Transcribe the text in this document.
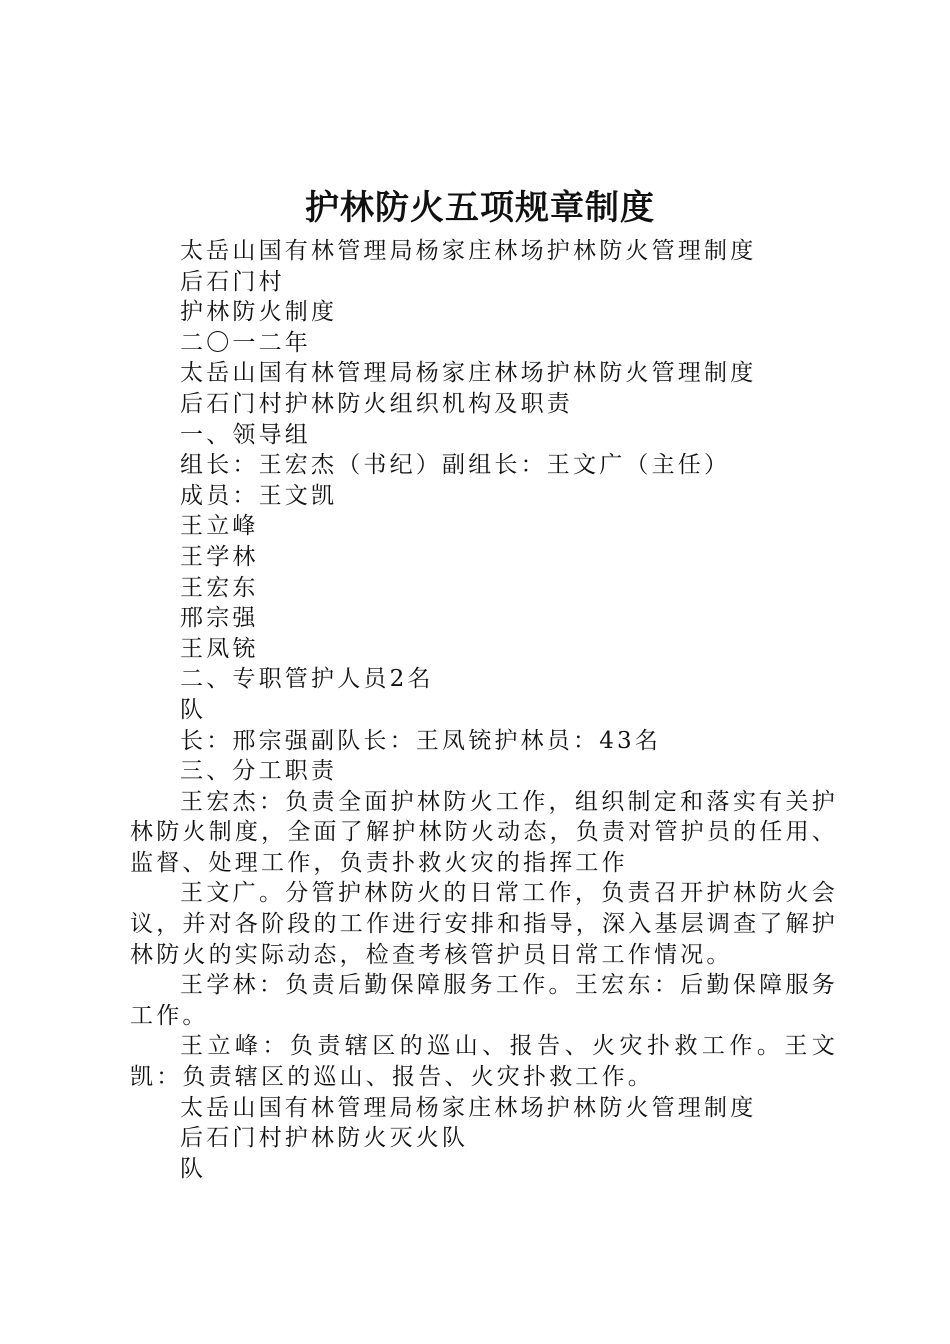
护林防火五项规章制度
太岳山国有林管理局杨家庄林场护林防火管理制度
后石门村
护林防火制度
二〇一二年
太岳山国有林管理局杨家庄林场护林防火管理制度
后石门村护林防火组织机构及职责
一、领导组
组长：王宏杰（书纪）副组长：王文广（主任）
成员：王文凯
王立峰
王学林
王宏东
邢宗强
王凤铳
二、专职管护人员2名
队
长：邢宗强副队长：王凤铳护林员：43名
三、分工职责
王宏杰：负责全面护林防火工作，组织制定和落实有关护林防火制度，全面了解护林防火动态，负责对管护员的任用、监督、处理工作，负责扑救火灾的指挥工作
王文广。分管护林防火的日常工作，负责召开护林防火会议，并对各阶段的工作进行安排和指导，深入基层调查了解护林防火的实际动态，检查考核管护员日常工作情况。
王学林：负责后勤保障服务工作。王宏东：后勤保障服务工作。
王立峰：负责辖区的巡山、报告、火灾扑救工作。王文凯：负责辖区的巡山、报告、火灾扑救工作。
太岳山国有林管理局杨家庄林场护林防火管理制度
后石门村护林防火灭火队
队
